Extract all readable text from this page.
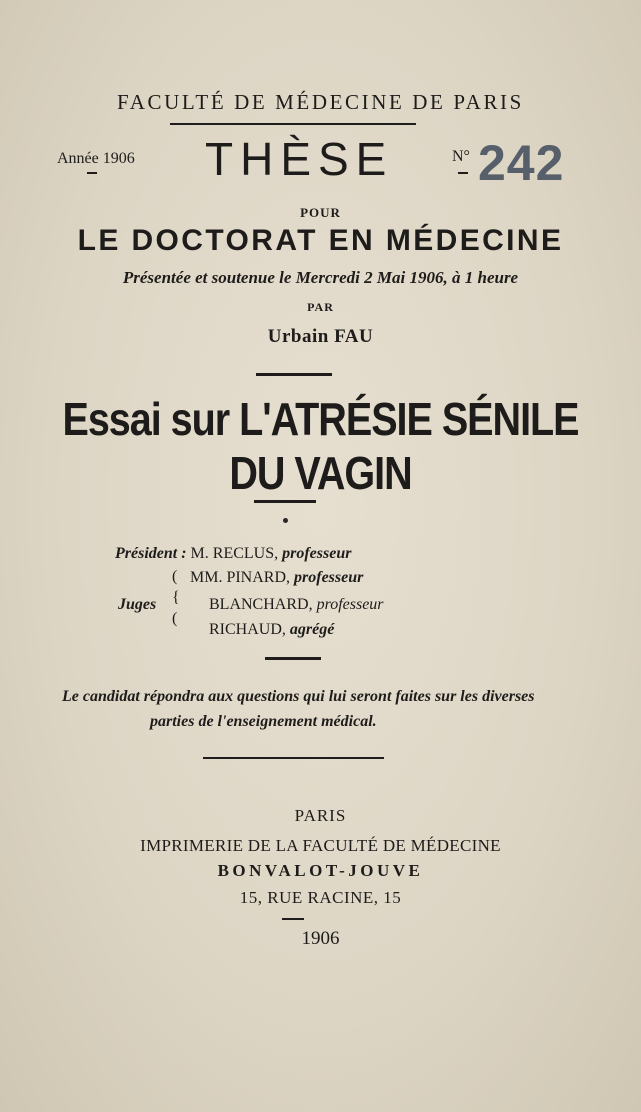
FACULTÉ DE MÉDECINE DE PARIS
Année 1906 THÈSE	N° 242
POUR
LE DOCTORAT EN MÉDECINE
Présentée et soutenue le Mercredi 2 Mai 1906, à 1 heure
PAR
Urbain FAU
Essai sur L'ATRÉSIE SÉNILE DU VAGIN
Président : M. RECLUS, professeur
Juges
(
{
(
MM. PINARD, professeur
BLANCHARD, professeur
RICHAUD, agrégé
Le candidat répondra aux questions qui lui seront faites sur les diverses
parties de l'enseignement médical.
PARIS
IMPRIMERIE DE LA FACULTÉ DE MÉDECINE
BONVALOT-JOUVE
15, RUE RACINE, 15
1906
